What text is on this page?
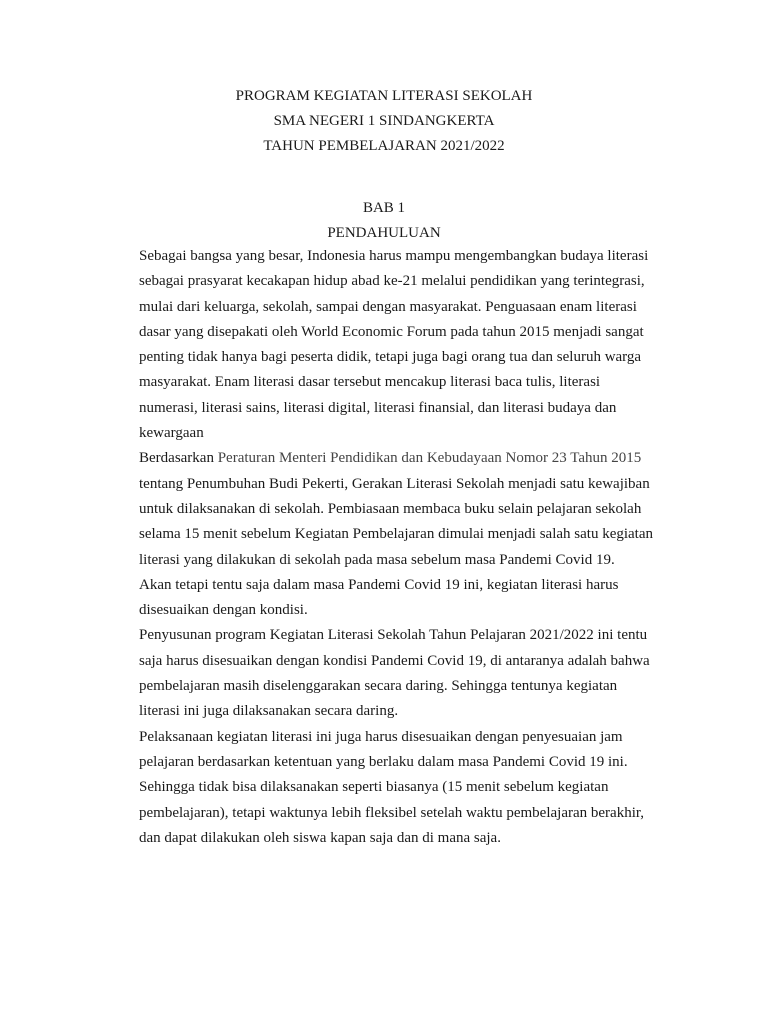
PROGRAM KEGIATAN LITERASI SEKOLAH
SMA NEGERI 1 SINDANGKERTA
TAHUN PEMBELAJARAN 2021/2022
BAB 1
PENDAHULUAN
Sebagai bangsa yang besar, Indonesia harus mampu mengembangkan budaya literasi
sebagai prasyarat kecakapan hidup abad ke-21 melalui pendidikan yang terintegrasi,
mulai dari keluarga, sekolah, sampai dengan masyarakat. Penguasaan enam literasi
dasar yang disepakati oleh World Economic Forum pada tahun 2015 menjadi sangat
penting tidak hanya bagi peserta didik, tetapi juga bagi orang tua dan seluruh warga
masyarakat. Enam literasi dasar tersebut mencakup literasi baca tulis, literasi
numerasi, literasi sains, literasi digital, literasi finansial, dan literasi budaya dan
kewargaan
Berdasarkan Peraturan Menteri Pendidikan dan Kebudayaan Nomor 23 Tahun 2015
tentang Penumbuhan Budi Pekerti, Gerakan Literasi Sekolah menjadi satu kewajiban
untuk dilaksanakan di sekolah. Pembiasaan membaca buku selain pelajaran sekolah
selama 15 menit sebelum Kegiatan Pembelajaran dimulai menjadi salah satu kegiatan
literasi yang dilakukan di sekolah pada masa sebelum masa Pandemi Covid 19.
Akan tetapi tentu saja dalam masa Pandemi Covid 19 ini, kegiatan literasi harus
disesuaikan dengan kondisi.
Penyusunan program Kegiatan Literasi Sekolah Tahun Pelajaran 2021/2022 ini tentu
saja harus disesuaikan dengan kondisi Pandemi Covid 19, di antaranya adalah bahwa
pembelajaran masih diselenggarakan secara daring. Sehingga tentunya kegiatan
literasi ini juga dilaksanakan secara daring.
Pelaksanaan kegiatan literasi ini juga harus disesuaikan dengan penyesuaian jam
pelajaran berdasarkan ketentuan yang berlaku dalam masa Pandemi Covid 19 ini.
Sehingga tidak bisa dilaksanakan seperti biasanya (15 menit sebelum kegiatan
pembelajaran), tetapi waktunya lebih fleksibel setelah waktu pembelajaran berakhir,
dan dapat dilakukan oleh siswa kapan saja dan di mana saja.
